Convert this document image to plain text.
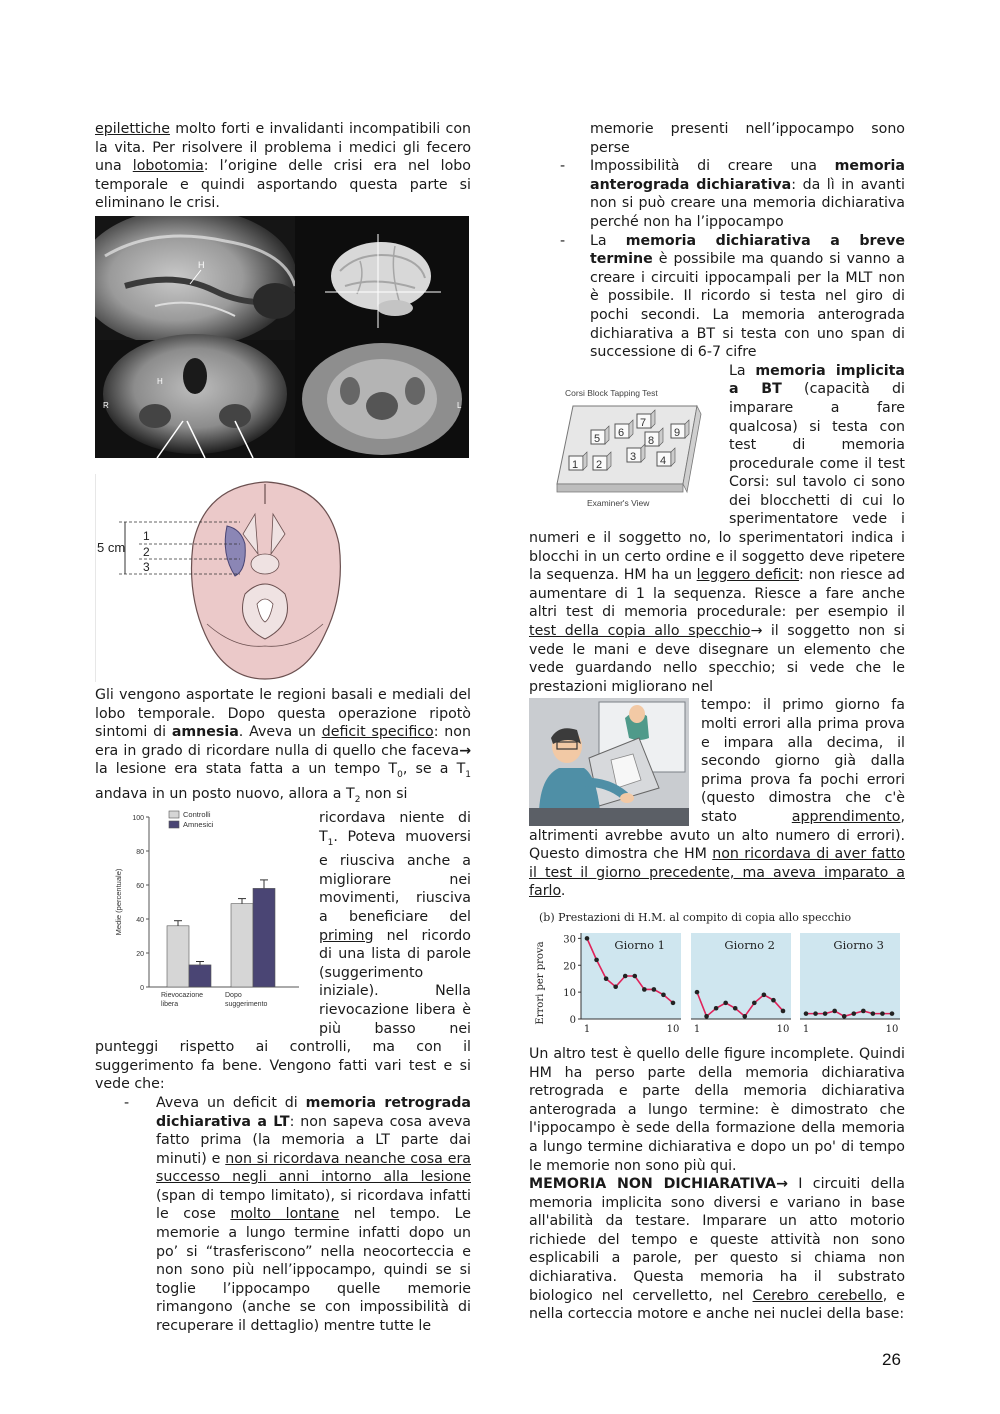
epilettiche molto forti e invalidanti incompatibili con la vita. Per risolvere il problema i medici gli fecero una lobotomia: l’origine delle crisi era nel lobo temporale e quindi asportando questa parte si eliminano le crisi.

H
R
H
L
5 cm
1
2
3

Gli vengono asportate le regioni basali e mediali del lobo temporale. Dopo questa operazione ripotò sintomi di amnesia. Aveva un deficit specifico: non era in grado di ricordare nulla di quello che faceva→ la lesione era stata fatta a un tempo $T_0$, se a $T_1$ andava in un posto nuovo, allora a $T_2$ non si

0
20
40
60
80
100
Medie (percentuale)
Rievocazione
libera
Dopo
suggerimento
Controlli
Amnesici	ricordava niente di $T_1$. Poteva muoversi e riusciva anche a migliorare nei movimenti, riusciva a beneficiare del priming nel ricordo di una lista di parole (suggerimento iniziale). Nella rievocazione libera è più basso nei punteggi rispetto ai controlli, ma con il suggerimento fa bene. Vengono fatti vari test e si vede che:

- Aveva un deficit di memoria retrograda dichiarativa a LT: non sapeva cosa aveva fatto prima (la memoria a LT parte dai minuti) e non si ricordava neanche cosa era successo negli anni intorno alla lesione (span di tempo limitato), si ricordava infatti le cose molto lontane nel tempo. Le memorie a lungo termine infatti dopo un po’ si “trasferiscono” nella neocorteccia e non sono più nell’ippocampo, quindi se si toglie l’ippocampo quelle memorie rimangono (anche se con impossibilità di recuperare il dettaglio) mentre tutte le
memorie presenti nell’ippocampo sono perse
- Impossibilità di creare una memoria anterograda dichiarativa: da lì in avanti non si può creare una memoria dichiarativa perché non ha l’ippocampo
- La memoria dichiarativa a breve termine è possibile ma quando si vanno a creare i circuiti ippocampali per la MLT non è possibile. Il ricordo si testa nel giro di pochi secondi. La memoria anterograda dichiarativa a BT si testa con uno span di successione di 6-7 cifre
Corsi Block Tapping Test
1 2
3 4
5 6
7
8
9
Examiner's View

La memoria implicita a BT (capacità di imparare a fare qualcosa) si testa con test di memoria procedurale come il test Corsi: sul tavolo ci sono dei blocchetti di cui lo sperimentatore vede i numeri e il soggetto no, lo sperimentatori indica i blocchi in un certo ordine e il soggetto deve ripetere la sequenza. HM ha un leggero deficit: non riesce ad aumentare di 1 la sequenza. Riesce a fare anche altri test di memoria procedurale: per esempio il test della copia allo specchio→ il soggetto non si vede le mani e deve disegnare un elemento che vede guardando nello specchio; si vede che le prestazioni migliorano nel

tempo: il primo giorno fa molti errori alla prima prova e impara alla decima, il secondo giorno già dalla prima prova fa pochi errori (questo dimostra che c'è stato apprendimento, altrimenti avrebbe avuto un alto numero di errori). Questo dimostra che HM non ricordava di aver fatto il test il giorno precedente, ma aveva imparato a farlo.

(b) Prestazioni di H.M. al compito di copia allo specchio
Errori per prova 0
10
20
30
1	10
Giorno 1
1	10
Giorno 2
1	10
Giorno 3

Un altro test è quello delle figure incomplete. Quindi HM ha perso parte della memoria dichiarativa retrograda e parte della memoria dichiarativa anterograda a lungo termine: è dimostrato che l'ippocampo è sede della formazione della memoria a lungo termine dichiarativa e dopo un po' di tempo le memorie non sono più qui.

MEMORIA NON DICHIARATIVA→ I circuiti della memoria implicita sono diversi e variano in base all'abilità da testare. Imparare un atto motorio richiede del tempo e queste attività non sono esplicabili a parole, per questo si chiama non dichiarativa. Questa memoria ha il substrato biologico nel cervelletto, nel Cerebro cerebello, e nella corteccia motore e anche nei nuclei della base:

26
